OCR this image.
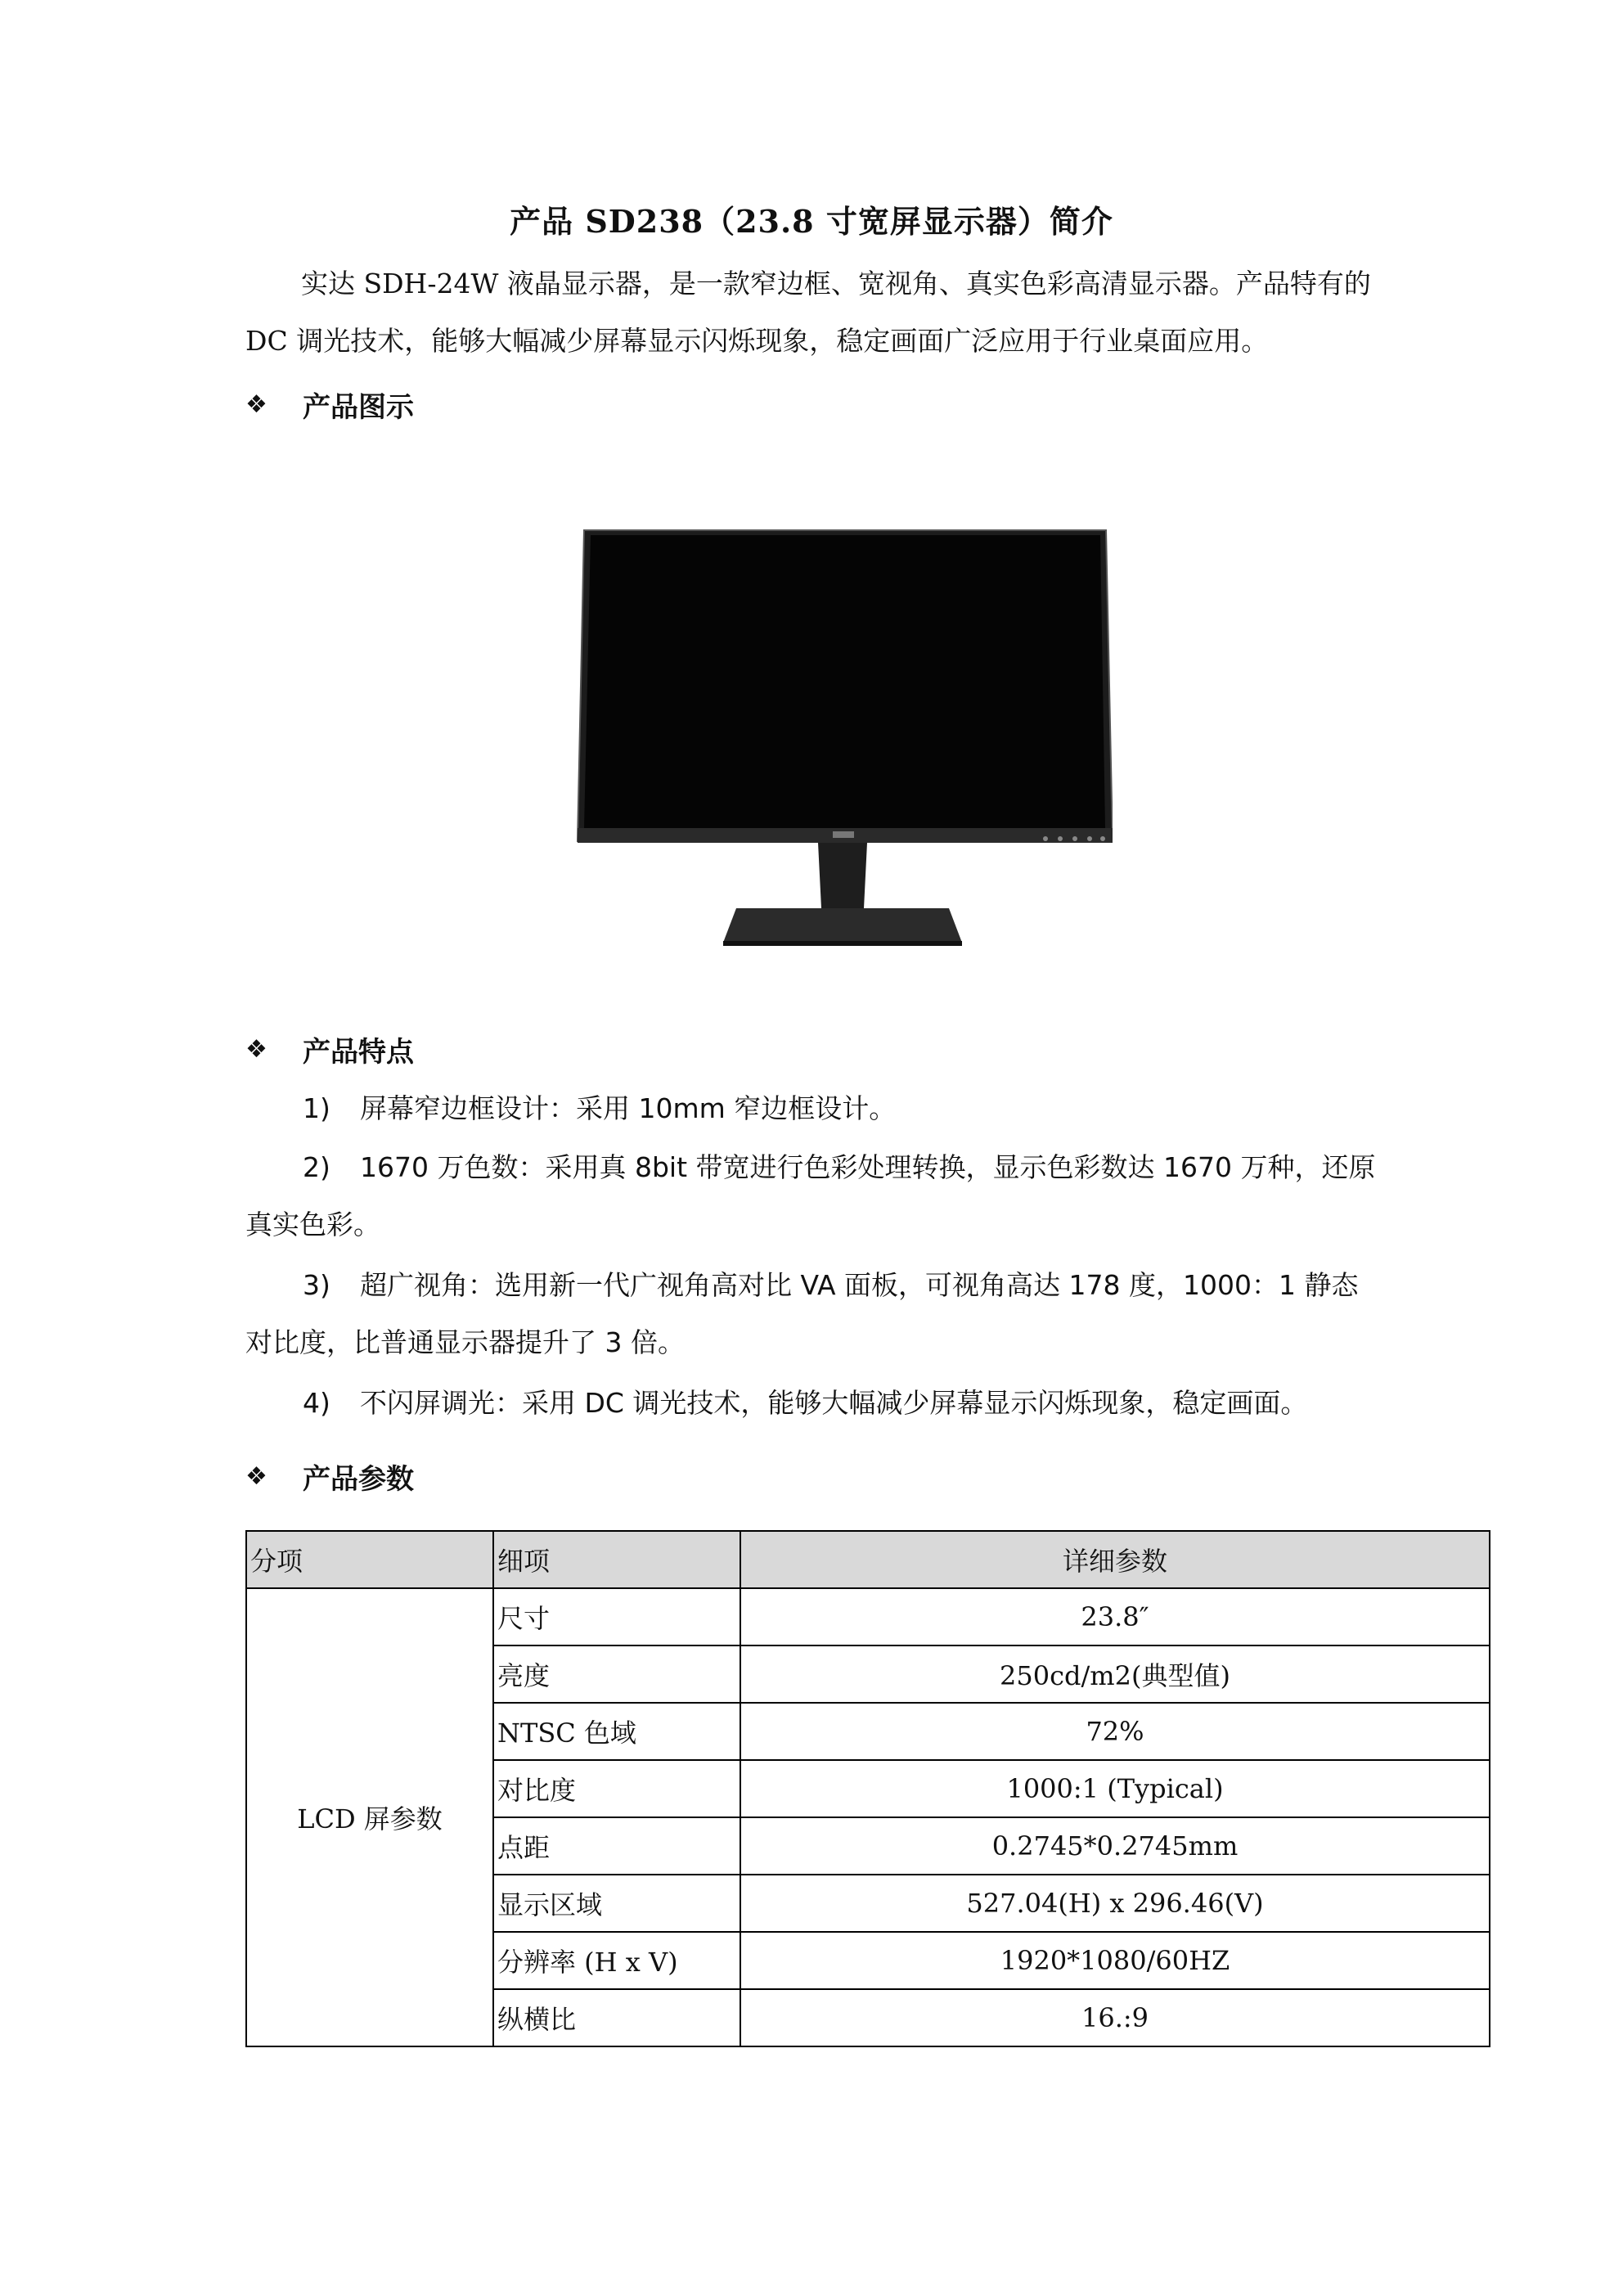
产品 SD238（23.8 寸宽屏显示器）简介
实达 SDH-24W 液晶显示器，是一款窄边框、宽视角、真实色彩高清显示器。产品特有的 DC 调光技术，能够大幅减少屏幕显示闪烁现象，稳定画面广泛应用于行业桌面应用。
❖	产品图示
❖	产品特点
1) 屏幕窄边框设计：采用 10mm 窄边框设计。
2) 1670 万色数：采用真 8bit 带宽进行色彩处理转换，显示色彩数达 1670 万种，还原
真实色彩。
3) 超广视角：选用新一代广视角高对比 VA 面板，可视角高达 178 度，1000：1 静态
对比度，比普通显示器提升了 3 倍。
4) 不闪屏调光：采用 DC 调光技术，能够大幅减少屏幕显示闪烁现象，稳定画面。
❖	产品参数
分项	细项	详细参数
LCD 屏参数	尺寸	23.8″
	亮度	250cd/m2(典型值)
	NTSC 色域	72%
	对比度	1000:1 (Typical)
	点距	0.2745*0.2745mm
	显示区域	527.04(H) x 296.46(V)
	分辨率 (H x V)	1920*1080/60HZ
	纵横比	16.:9
